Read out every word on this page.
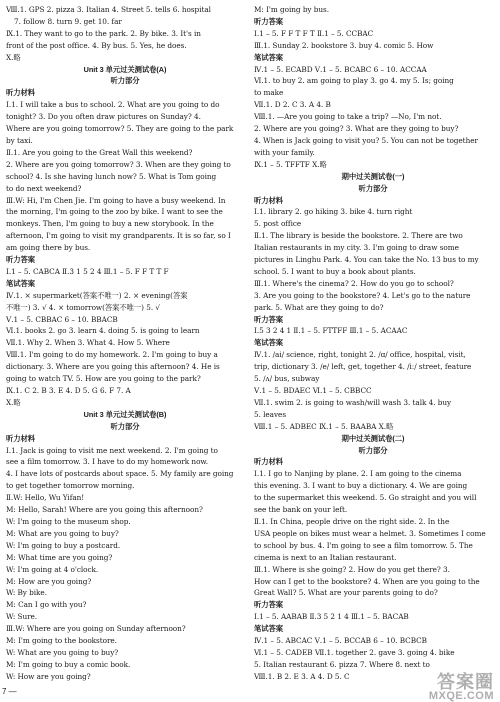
Ⅷ.1. GPS 2. pizza 3. Italian 4. Street 5. tells 6. hospital
7. follow 8. turn 9. get 10. far
Ⅸ.1. They want to go to the park. 2. By bike. 3. It's in
front of the post office. 4. By bus. 5. Yes, he does.
Ⅹ.略
Unit 3 单元过关测试卷(A)
听力部分
听力材料
Ⅰ.1. I will take a bus to school. 2. What are you going to do
tonight? 3. Do you often draw pictures on Sunday? 4.
Where are you going tomorrow? 5. They are going to the park
by taxi.
Ⅱ.1. Are you going to the Great Wall this weekend?
2. Where are you going tomorrow? 3. When are they going to
school? 4. Is she having lunch now? 5. What is Tom going
to do next weekend?
Ⅲ.W: Hi, I'm Chen Jie. I'm going to have a busy weekend. In
the morning, I'm going to the zoo by bike. I want to see the
monkeys. Then, I'm going to buy a new storybook. In the
afternoon, I'm going to visit my grandparents. It is so far, so I
am going there by bus.
听力答案
Ⅰ.1 – 5. CABCA Ⅱ.3 1 5 2 4 Ⅲ.1 – 5. F F T T F
笔试答案
Ⅳ.1. × supermarket(答案不唯一) 2. × evening(答案
不唯一) 3. √ 4. × tomorrow(答案不唯一) 5. √
Ⅴ.1 – 5. CBBAC 6 – 10. BBACB
Ⅵ.1. books 2. go 3. learn 4. doing 5. is going to learn
Ⅶ.1. Why 2. When 3. What 4. How 5. Where
Ⅷ.1. I'm going to do my homework. 2. I'm going to buy a
dictionary. 3. Where are you going this afternoon? 4. He is
going to watch TV. 5. How are you going to the park?
Ⅸ.1. C 2. B 3. E 4. D 5. G 6. F 7. A
Ⅹ.略
Unit 3 单元过关测试卷(B)
听力部分
听力材料
Ⅰ.1. Jack is going to visit me next weekend. 2. I'm going to
see a film tomorrow. 3. I have to do my homework now.
4. I have lots of postcards about space. 5. My family are going
to get together tomorrow morning.
Ⅱ.W: Hello, Wu Yifan!
M: Hello, Sarah! Where are you going this afternoon?
W: I'm going to the museum shop.
M: What are you going to buy?
W: I'm going to buy a postcard.
M: What time are you going?
W: I'm going at 4 o'clock.
M: How are you going?
W: By bike.
M: Can I go with you?
W: Sure.
Ⅲ.W: Where are you going on Sunday afternoon?
M: I'm going to the bookstore.
W: What are you going to buy?
M: I'm going to buy a comic book.
W: How are you going?
M: I'm going by bus.
听力答案
Ⅰ.1 – 5. F F T F T Ⅱ.1 – 5. CCBAC
Ⅲ.1. Sunday 2. bookstore 3. buy 4. comic 5. How
笔试答案
Ⅳ.1 – 5. ECABD Ⅴ.1 – 5. BCABC 6 – 10. ACCAA
Ⅵ.1. to buy 2. am going to play 3. go 4. my 5. Is; going
to make
Ⅶ.1. D 2. C 3. A 4. B
Ⅷ.1. —Are you going to take a trip? —No, I'm not.
2. Where are you going? 3. What are they going to buy?
4. When is Jack going to visit you? 5. You can not be together
with your family.
Ⅸ.1 – 5. TFFTF Ⅹ.略
期中过关测试卷(一)
听力部分
听力材料
Ⅰ.1. library 2. go hiking 3. bike 4. turn right
5. post office
Ⅱ.1. The library is beside the bookstore. 2. There are two
Italian restaurants in my city. 3. I'm going to draw some
pictures in Linghu Park. 4. You can take the No. 13 bus to my
school. 5. I want to buy a book about plants.
Ⅲ.1. Where's the cinema? 2. How do you go to school?
3. Are you going to the bookstore? 4. Let's go to the nature
park. 5. What are they going to do?
听力答案
Ⅰ.5 3 2 4 1 Ⅱ.1 – 5. FTTFF Ⅲ.1 – 5. ACAAC
笔试答案
Ⅳ.1. /ai/ science, right, tonight 2. /ɑ/ office, hospital, visit,
trip, dictionary 3. /e/ left, get, together 4. /iː/ street, feature
5. /ʌ/ bus, subway
Ⅴ.1 – 5. BDAEC Ⅵ.1 – 5. CBBCC
Ⅶ.1. swim 2. is going to wash/will wash 3. talk 4. buy
5. leaves
Ⅷ.1 – 5. ADBEC Ⅸ.1 – 5. BAABA Ⅹ.略
期中过关测试卷(二)
听力部分
听力材料
Ⅰ.1. I go to Nanjing by plane. 2. I am going to the cinema
this evening. 3. I want to buy a dictionary. 4. We are going
to the supermarket this weekend. 5. Go straight and you will
see the bank on your left.
Ⅱ.1. In China, people drive on the right side. 2. In the
USA people on bikes must wear a helmet. 3. Sometimes I come
to school by bus. 4. I'm going to see a film tomorrow. 5. The
cinema is next to an Italian restaurant.
Ⅲ.1. Where is she going? 2. How do you get there? 3.
How can I get to the bookstore? 4. When are you going to the
Great Wall? 5. What are your parents going to do?
听力答案
Ⅰ.1 – 5. AABAB Ⅱ.3 5 2 1 4 Ⅲ.1 – 5. BACAB
笔试答案
Ⅳ.1 – 5. ABCAC Ⅴ.1 – 5. BCCAB 6 – 10. BCBCB
Ⅵ.1 – 5. CADEB Ⅶ.1. together 2. gave 3. going 4. bike
5. Italian restaurant 6. pizza 7. Where 8. next to
Ⅷ.1. B 2. E 3. A 4. D 5. C
7 —	答案圈
MXQE.COM
